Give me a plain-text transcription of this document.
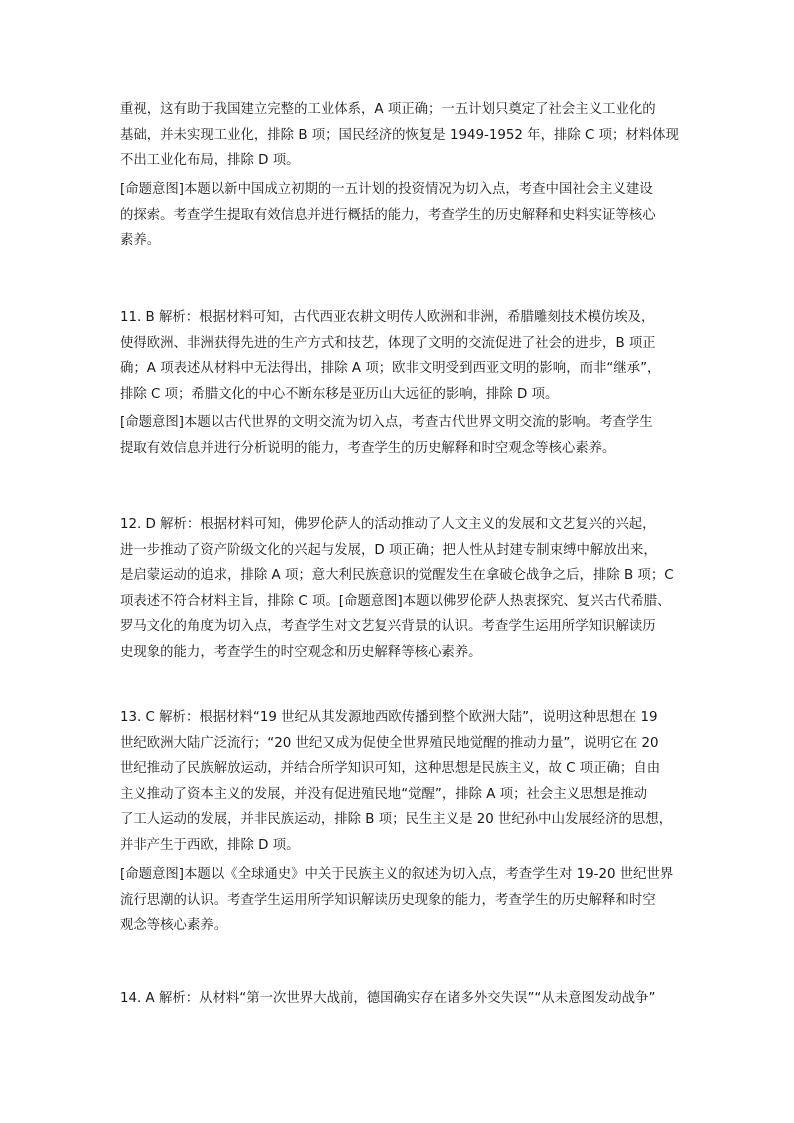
重视，这有助于我国建立完整的工业体系，A 项正确；一五计划只奠定了社会主义工业化的
基础，并未实现工业化，排除 B 项；国民经济的恢复是 1949-1952 年，排除 C 项；材料体现
不出工业化布局，排除 D 项。

[命题意图]本题以新中国成立初期的一五计划的投资情况为切入点，考查中国社会主义建设
的探索。考查学生提取有效信息并进行概括的能力，考查学生的历史解释和史料实证等核心
素养。

11. B 解析：根据材料可知，古代西亚农耕文明传人欧洲和非洲，希腊雕刻技术模仿埃及，
使得欧洲、非洲获得先进的生产方式和技艺，体现了文明的交流促进了社会的进步，B 项正
确；A 项表述从材料中无法得出，排除 A 项；欧非文明受到西亚文明的影响，而非“继承”，
排除 C 项；希腊文化的中心不断东移是亚历山大远征的影响，排除 D 项。

[命题意图]本题以古代世界的文明交流为切入点，考查古代世界文明交流的影响。考查学生
提取有效信息并进行分析说明的能力，考查学生的历史解释和时空观念等核心素养。

12. D 解析：根据材料可知，佛罗伦萨人的活动推动了人文主义的发展和文艺复兴的兴起，
进一步推动了资产阶级文化的兴起与发展，D 项正确；把人性从封建专制束缚中解放出来，
是启蒙运动的追求，排除 A 项；意大利民族意识的觉醒发生在拿破仑战争之后，排除 B 项；C
项表述不符合材料主旨，排除 C 项。[命题意图]本题以佛罗伦萨人热衷探究、复兴古代希腊、
罗马文化的角度为切入点，考查学生对文艺复兴背景的认识。考查学生运用所学知识解读历
史现象的能力，考查学生的时空观念和历史解释等核心素养。

13. C 解析：根据材料“19 世纪从其发源地西欧传播到整个欧洲大陆”，说明这种思想在 19
世纪欧洲大陆广泛流行；“20 世纪又成为促使全世界殖民地觉醒的推动力量”，说明它在 20
世纪推动了民族解放运动，并结合所学知识可知，这种思想是民族主义，故 C 项正确；自由
主义推动了资本主义的发展，并没有促进殖民地“觉醒”，排除 A 项；社会主义思想是推动
了工人运动的发展，并非民族运动，排除 B 项；民生主义是 20 世纪孙中山发展经济的思想，
并非产生于西欧，排除 D 项。

[命题意图]本题以《全球通史》中关于民族主义的叙述为切入点，考查学生对 19-20 世纪世界
流行思潮的认识。考查学生运用所学知识解读历史现象的能力，考查学生的历史解释和时空
观念等核心素养。

14. A 解析：从材料“第一次世界大战前，德国确实存在诸多外交失误”“从未意图发动战争”
